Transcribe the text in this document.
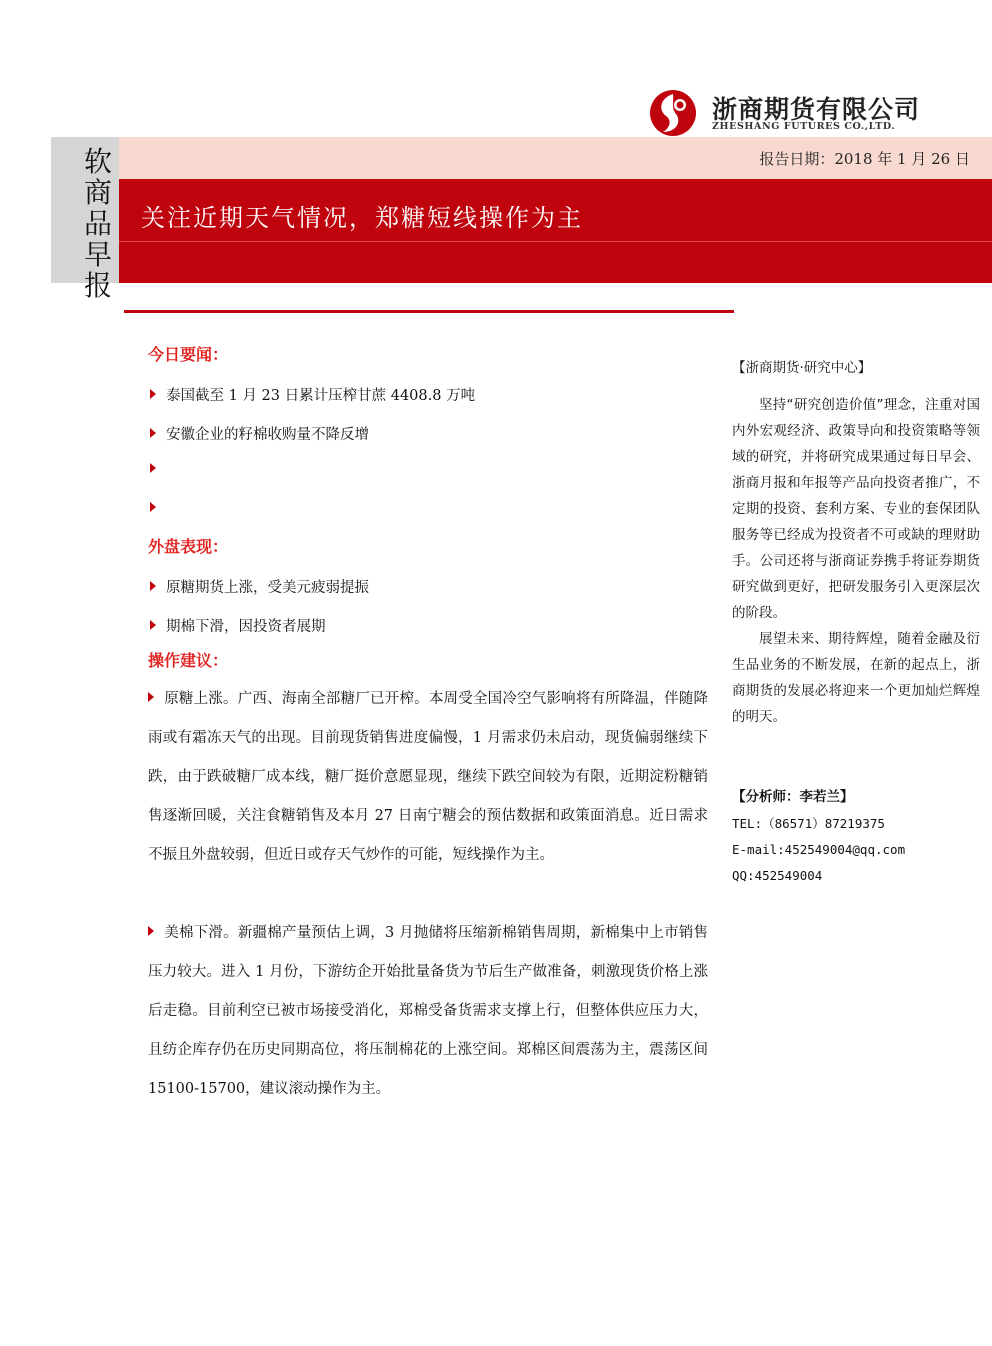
浙商期货有限公司
ZHESHANG FUTURES CO.,LTD.
软
商
品
早
报
报告日期：2018 年 1 月 26 日
关注近期天气情况，郑糖短线操作为主
今日要闻：
泰国截至 1 月 23 日累计压榨甘蔗 4408.8 万吨
安徽企业的籽棉收购量不降反增
外盘表现：
原糖期货上涨，受美元疲弱提振
期棉下滑，因投资者展期
操作建议：
原糖上涨。广西、海南全部糖厂已开榨。本周受全国冷空气影响将有所降温，伴随降雨或有霜冻天气的出现。目前现货销售进度偏慢，1 月需求仍未启动，现货偏弱继续下跌，由于跌破糖厂成本线，糖厂挺价意愿显现，继续下跌空间较为有限，近期淀粉糖销售逐渐回暖，关注食糖销售及本月 27 日南宁糖会的预估数据和政策面消息。近日需求不振且外盘较弱，但近日或存天气炒作的可能，短线操作为主。
美棉下滑。新疆棉产量预估上调，3 月抛储将压缩新棉销售周期，新棉集中上市销售压力较大。进入 1 月份，下游纺企开始批量备货为节后生产做准备，刺激现货价格上涨后走稳。目前利空已被市场接受消化，郑棉受备货需求支撑上行，但整体供应压力大，且纺企库存仍在历史同期高位，将压制棉花的上涨空间。郑棉区间震荡为主，震荡区间 15100-15700，建议滚动操作为主。
【浙商期货·研究中心】

坚持“研究创造价值”理念，注重对国内外宏观经济、政策导向和投资策略等领域的研究，并将研究成果通过每日早会、浙商月报和年报等产品向投资者推广，不定期的投资、套利方案、专业的套保团队服务等已经成为投资者不可或缺的理财助手。公司还将与浙商证券携手将证券期货研究做到更好，把研发服务引入更深层次的阶段。

展望未来、期待辉煌，随着金融及衍生品业务的不断发展，在新的起点上，浙商期货的发展必将迎来一个更加灿烂辉煌的明天。

【分析师：李若兰】
TEL:（86571）87219375
E-mail:452549004@qq.com
QQ:452549004
